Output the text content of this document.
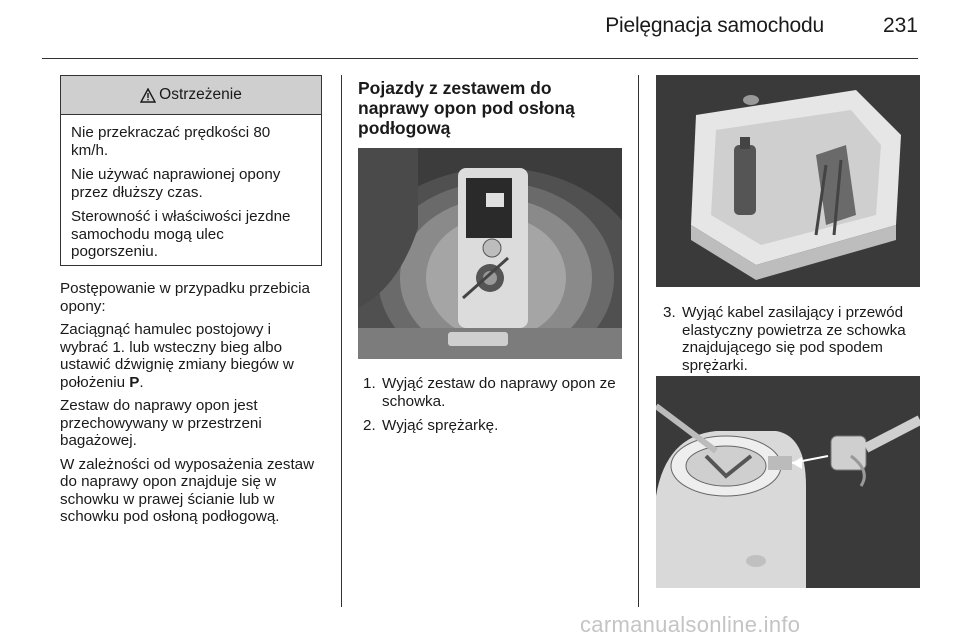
Pielęgnacja samochodu	231
Ostrzeżenie

Nie przekraczać prędkości 80 km/h.

Nie używać naprawionej opony przez dłuższy czas.

Sterowność i właściwości jezdne samochodu mogą ulec pogorszeniu.

Postępowanie w przypadku przebicia opony:

Zaciągnąć hamulec postojowy i wybrać 1. lub wsteczny bieg albo ustawić dźwignię zmiany biegów w położeniu P.

Zestaw do naprawy opon jest przechowywany w przestrzeni bagażowej.

W zależności od wyposażenia zestaw do naprawy opon znajduje się w schowku w prawej ścianie lub w schowku pod osłoną podłogową.

Pojazdy z zestawem do naprawy opon pod osłoną podłogową
1. Wyjąć zestaw do naprawy opon ze schowka.
2. Wyjąć sprężarkę.
3. Wyjąć kabel zasilający i przewód elastyczny powietrza ze schowka znajdującego się pod spodem sprężarki.
carmanualsonline.info
